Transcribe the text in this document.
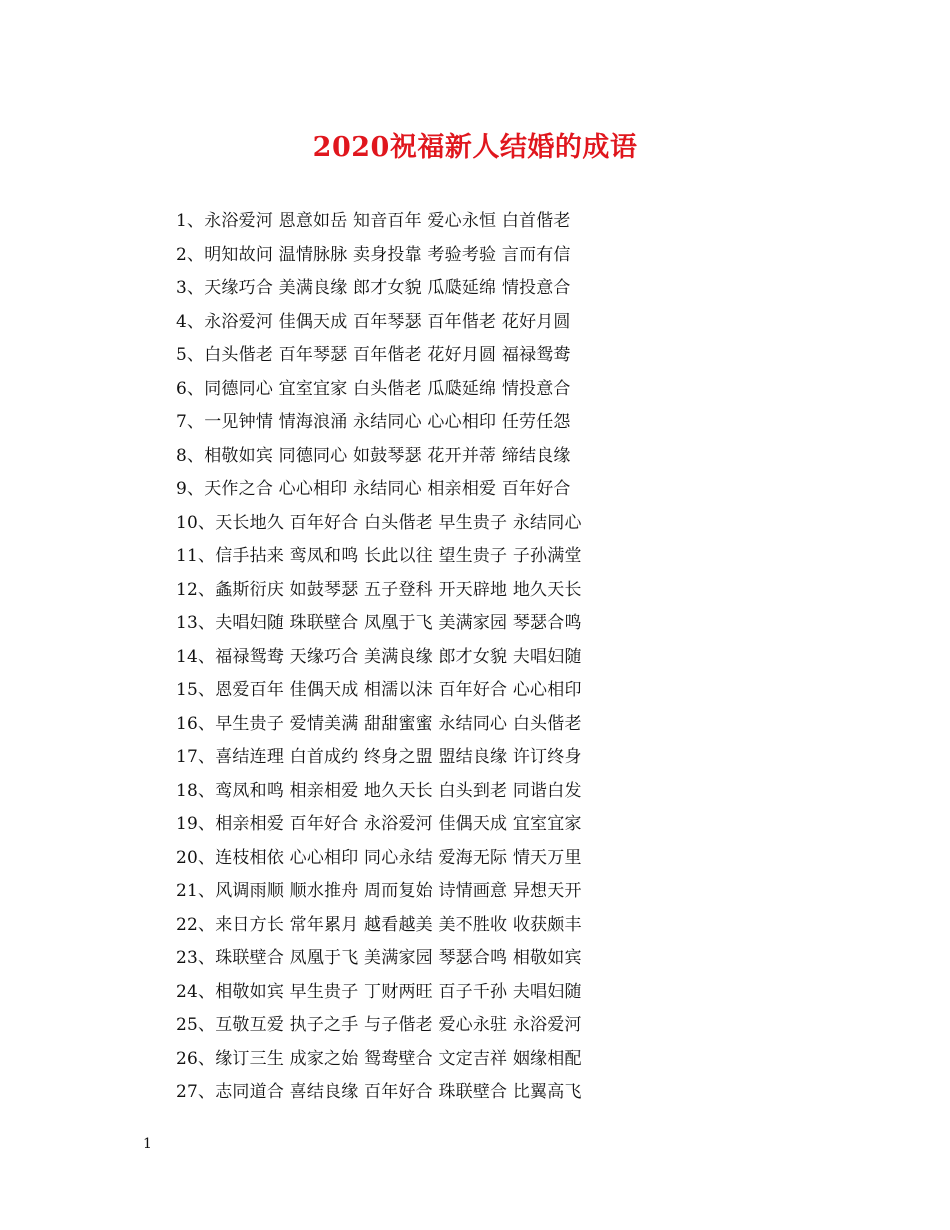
2020祝福新人结婚的成语
1、永浴爱河 恩意如岳 知音百年 爱心永恒 白首偕老
2、明知故问 温情脉脉 卖身投靠 考验考验 言而有信
3、天缘巧合 美满良缘 郎才女貌 瓜瓞延绵 情投意合
4、永浴爱河 佳偶天成 百年琴瑟 百年偕老 花好月圆
5、白头偕老 百年琴瑟 百年偕老 花好月圆 福禄鸳鸯
6、同德同心 宜室宜家 白头偕老 瓜瓞延绵 情投意合
7、一见钟情 情海浪涌 永结同心 心心相印 任劳任怨
8、相敬如宾 同德同心 如鼓琴瑟 花开并蒂 缔结良缘
9、天作之合 心心相印 永结同心 相亲相爱 百年好合
10、天长地久 百年好合 白头偕老 早生贵子 永结同心
11、信手拈来 鸾凤和鸣 长此以往 望生贵子 子孙满堂
12、螽斯衍庆 如鼓琴瑟 五子登科 开天辟地 地久天长
13、夫唱妇随 珠联壁合 凤凰于飞 美满家园 琴瑟合鸣
14、福禄鸳鸯 天缘巧合 美满良缘 郎才女貌 夫唱妇随
15、恩爱百年 佳偶天成 相濡以沫 百年好合 心心相印
16、早生贵子 爱情美满 甜甜蜜蜜 永结同心 白头偕老
17、喜结连理 白首成约 终身之盟 盟结良缘 许订终身
18、鸾凤和鸣 相亲相爱 地久天长 白头到老 同谐白发
19、相亲相爱 百年好合 永浴爱河 佳偶天成 宜室宜家
20、连枝相依 心心相印 同心永结 爱海无际 情天万里
21、风调雨顺 顺水推舟 周而复始 诗情画意 异想天开
22、来日方长 常年累月 越看越美 美不胜收 收获颇丰
23、珠联壁合 凤凰于飞 美满家园 琴瑟合鸣 相敬如宾
24、相敬如宾 早生贵子 丁财两旺 百子千孙 夫唱妇随
25、互敬互爱 执子之手 与子偕老 爱心永驻 永浴爱河
26、缘订三生 成家之始 鸳鸯壁合 文定吉祥 姻缘相配
27、志同道合 喜结良缘 百年好合 珠联壁合 比翼高飞
1
